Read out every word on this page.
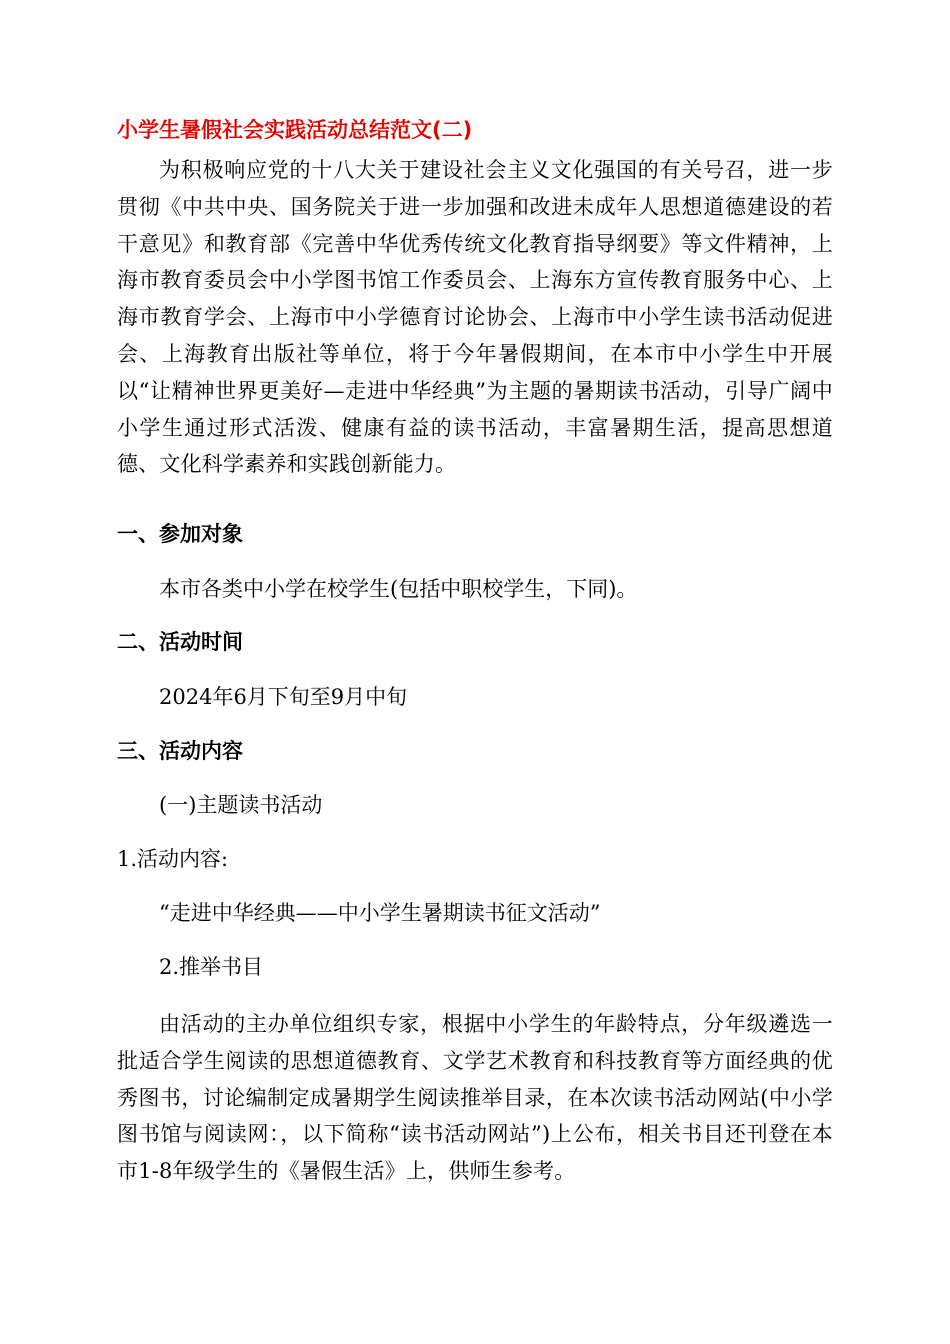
小学生暑假社会实践活动总结范文(二)

为积极响应党的十八大关于建设社会主义文化强国的有关号召，进一步贯彻《中共中央、国务院关于进一步加强和改进未成年人思想道德建设的若干意见》和教育部《完善中华优秀传统文化教育指导纲要》等文件精神，上海市教育委员会中小学图书馆工作委员会、上海东方宣传教育服务中心、上海市教育学会、上海市中小学德育讨论协会、上海市中小学生读书活动促进会、上海教育出版社等单位，将于今年暑假期间，在本市中小学生中开展以“让精神世界更美好—走进中华经典”为主题的暑期读书活动，引导广阔中小学生通过形式活泼、健康有益的读书活动，丰富暑期生活，提高思想道德、文化科学素养和实践创新能力。

一、参加对象

本市各类中小学在校学生(包括中职校学生，下同)。

二、活动时间

2024年6月下旬至9月中旬

三、活动内容

(一)主题读书活动

1.活动内容:

“走进中华经典——中小学生暑期读书征文活动”

2.推举书目

由活动的主办单位组织专家，根据中小学生的年龄特点，分年级遴选一批适合学生阅读的思想道德教育、文学艺术教育和科技教育等方面经典的优秀图书，讨论编制定成暑期学生阅读推举目录，在本次读书活动网站(中小学图书馆与阅读网：，以下简称“读书活动网站”)上公布，相关书目还刊登在本市1-8年级学生的《暑假生活》上，供师生参考。
